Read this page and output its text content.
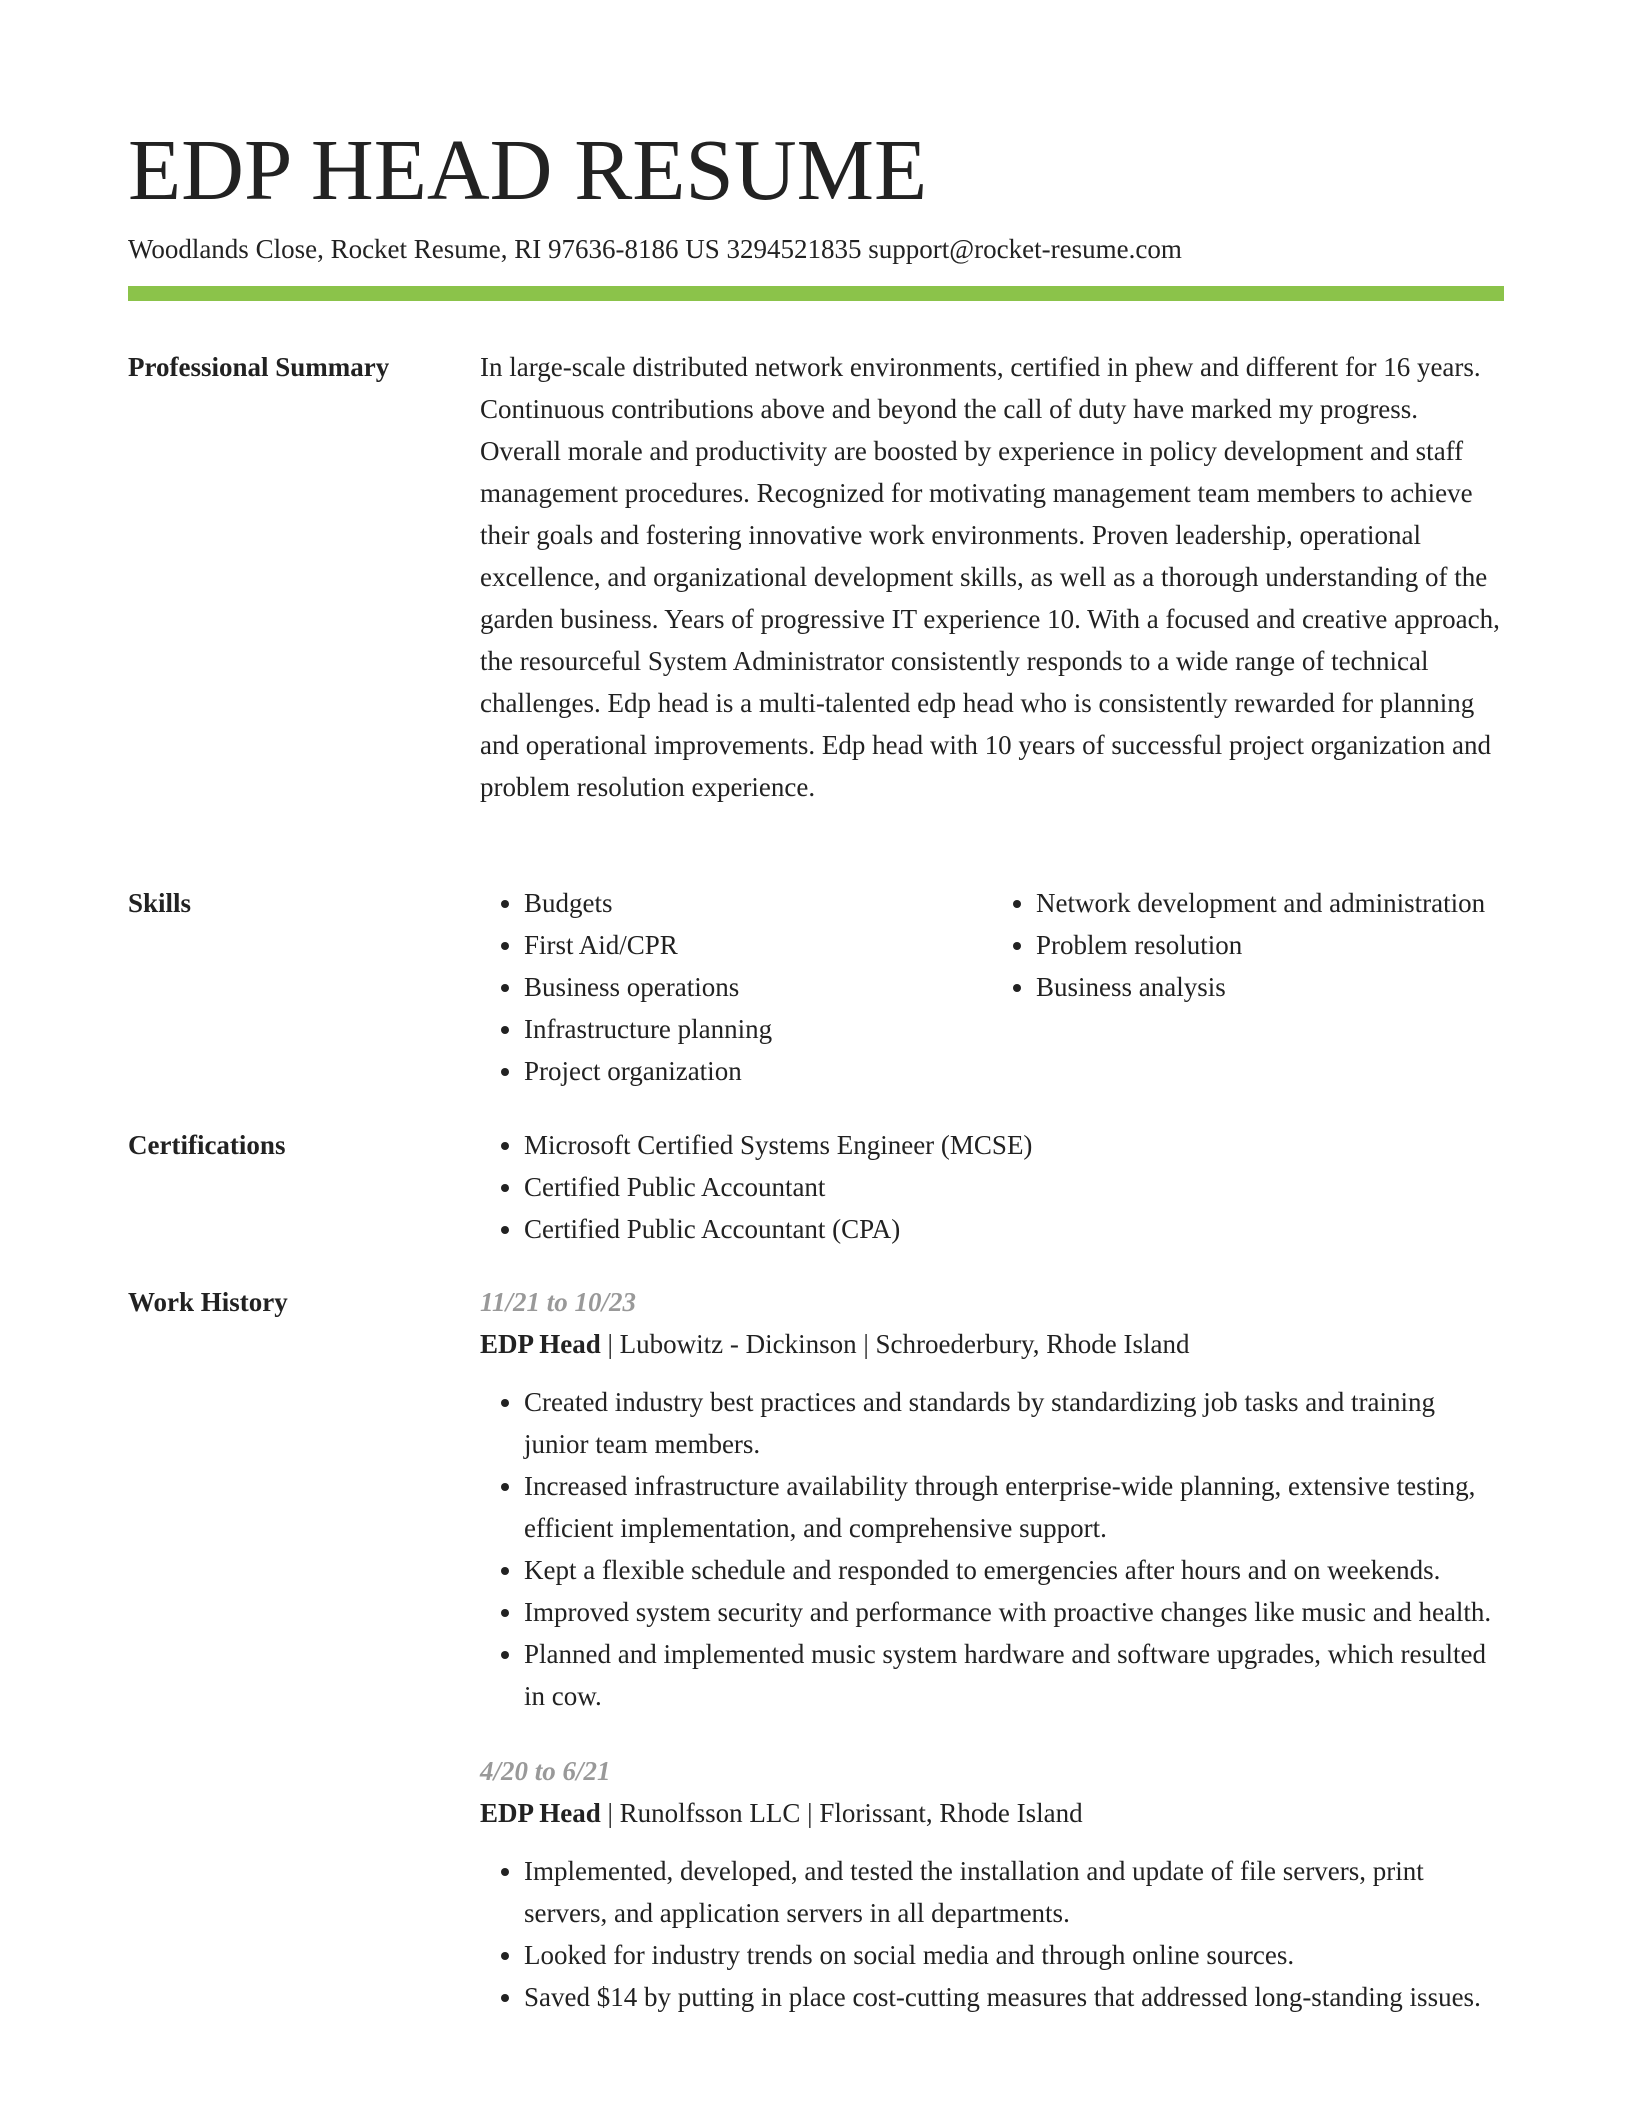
EDP HEAD RESUME
Woodlands Close, Rocket Resume, RI 97636-8186 US 3294521835 support@rocket-resume.com
Professional Summary	In large-scale distributed network environments, certified in phew and different for 16 years. Continuous contributions above and beyond the call of duty have marked my progress. Overall morale and productivity are boosted by experience in policy development and staff management procedures. Recognized for motivating management team members to achieve their goals and fostering innovative work environments. Proven leadership, operational excellence, and organizational development skills, as well as a thorough understanding of the garden business. Years of progressive IT experience 10. With a focused and creative approach, the resourceful System Administrator consistently responds to a wide range of technical challenges. Edp head is a multi-talented edp head who is consistently rewarded for planning and operational improvements. Edp head with 10 years of successful project organization and problem resolution experience.

Skills	• Budgets
• First Aid/CPR
• Business operations
• Infrastructure planning
• Project organization
• Network development and administration
• Problem resolution
• Business analysis
Certifications	• Microsoft Certified Systems Engineer (MCSE)
• Certified Public Accountant
• Certified Public Accountant (CPA)
Work History	11/21 to 10/23
EDP Head | Lubowitz - Dickinson | Schroederbury, Rhode Island
• Created industry best practices and standards by standardizing job tasks and training junior team members.
• Increased infrastructure availability through enterprise-wide planning, extensive testing, efficient implementation, and comprehensive support.
• Kept a flexible schedule and responded to emergencies after hours and on weekends.
• Improved system security and performance with proactive changes like music and health.
• Planned and implemented music system hardware and software upgrades, which resulted in cow.
4/20 to 6/21
EDP Head | Runolfsson LLC | Florissant, Rhode Island
• Implemented, developed, and tested the installation and update of file servers, print servers, and application servers in all departments.
• Looked for industry trends on social media and through online sources.
• Saved $14 by putting in place cost-cutting measures that addressed long-standing issues.
